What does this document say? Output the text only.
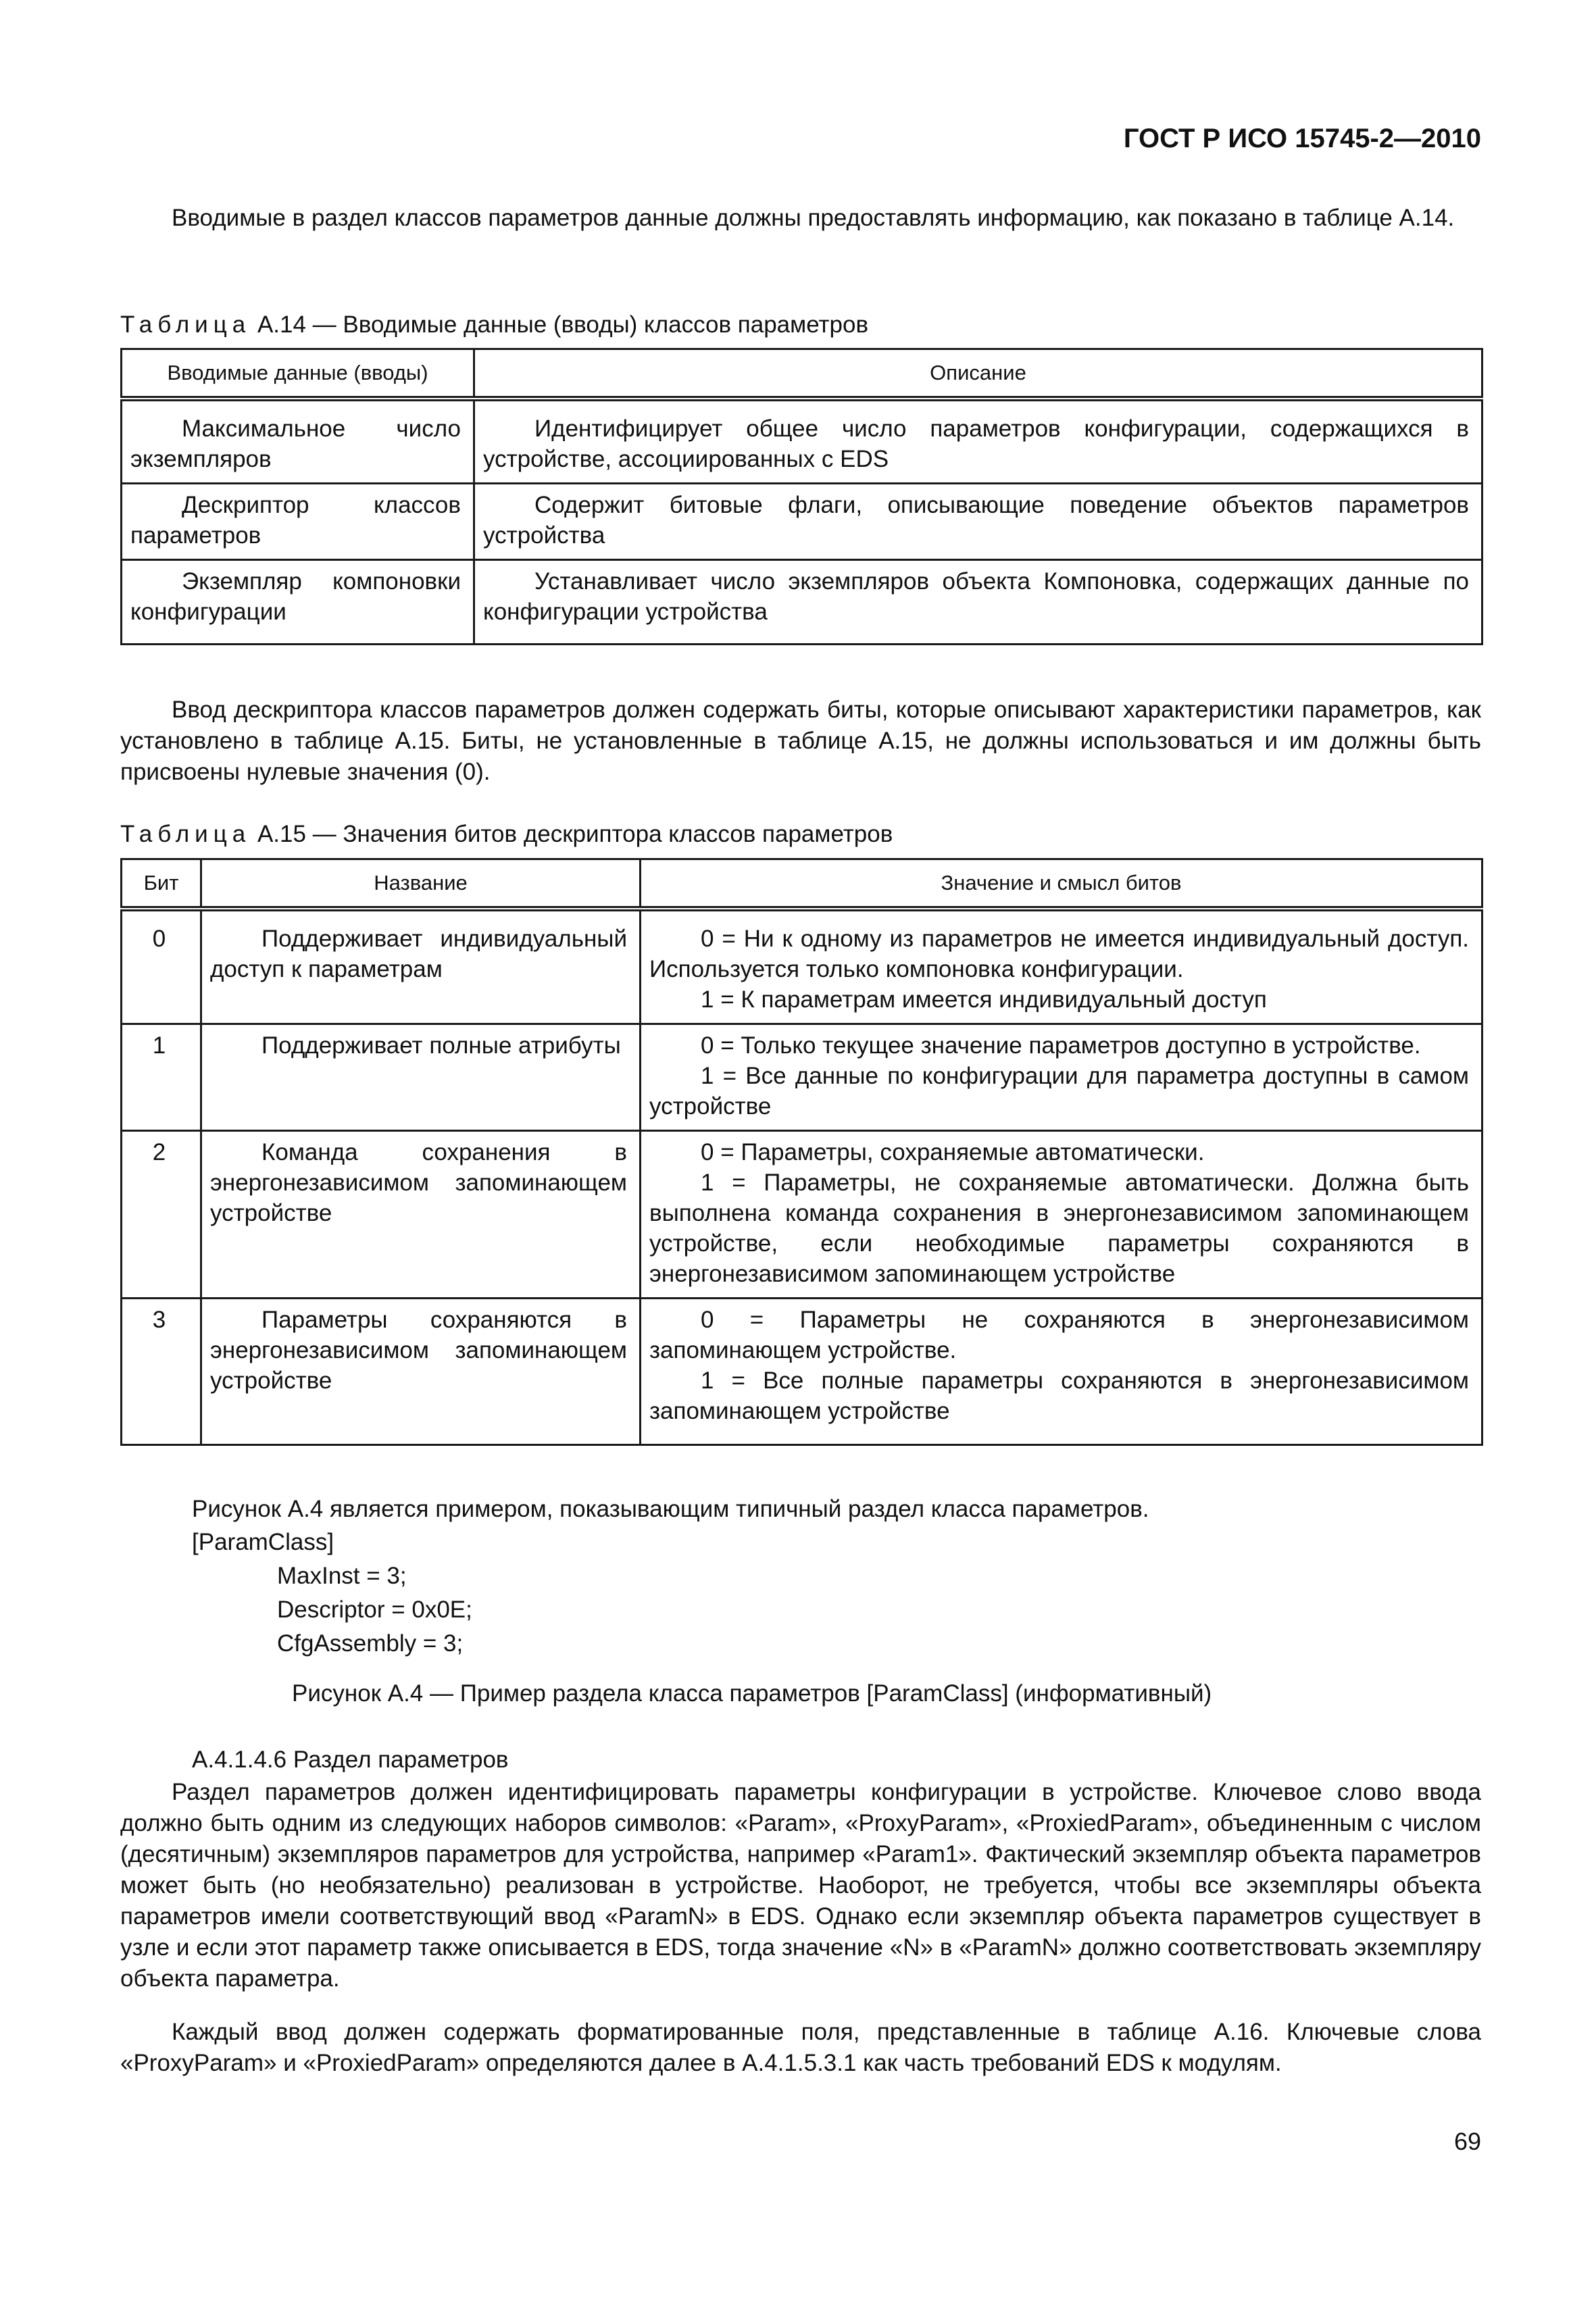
ГОСТ Р ИСО 15745-2—2010

Вводимые в раздел классов параметров данные должны предоставлять информацию, как показано в таблице А.14.

Таблица А.14 — Вводимые данные (вводы) классов параметров
Вводимые данные (вводы)	Описание
Максимальное число экземпляров	Идентифицирует общее число параметров конфигурации, содержащихся в устройстве, ассоциированных с EDS
Дескриптор классов параметров	Содержит битовые флаги, описывающие поведение объектов параметров устройства
Экземпляр компоновки конфигурации	Устанавливает число экземпляров объекта Компоновка, содержащих данные по конфигурации устройства

Ввод дескриптора классов параметров должен содержать биты, которые описывают характеристики параметров, как установлено в таблице А.15. Биты, не установленные в таблице А.15, не должны использоваться и им должны быть присвоены нулевые значения (0).

Таблица А.15 — Значения битов дескриптора классов параметров
Бит	Название	Значение и смысл битов
0	Поддерживает индивидуальный доступ к параметрам	0 = Ни к одному из параметров не имеется индивидуальный доступ. Используется только компоновка конфигурации.

1 = К параметрам имеется индивидуальный доступ

1	Поддерживает полные атрибуты	0 = Только текущее значение параметров доступно в устройстве.

1 = Все данные по конфигурации для параметра доступны в самом устройстве

2	Команда сохранения в энергонезависимом запоминающем устройстве	0 = Параметры, сохраняемые автоматически.

1 = Параметры, не сохраняемые автоматически. Должна быть выполнена команда сохранения в энергонезависимом запоминающем устройстве, если необходимые параметры сохраняются в энергонезависимом запоминающем устройстве

3	Параметры сохраняются в энергонезависимом запоминающем устройстве	0 = Параметры не сохраняются в энергонезависимом запоминающем устройстве.

1 = Все полные параметры сохраняются в энергонезависимом запоминающем устройстве

Рисунок А.4 является примером, показывающим типичный раздел класса параметров.

[ParamClass]
MaxInst = 3;
Descriptor = 0x0E;
CfgAssembly = 3;

Рисунок А.4 — Пример раздела класса параметров [ParamClass] (информативный)

А.4.1.4.6 Раздел параметров

Раздел параметров должен идентифицировать параметры конфигурации в устройстве. Ключевое слово ввода должно быть одним из следующих наборов символов: «Param», «ProxyParam», «ProxiedParam», объединенным с числом (десятичным) экземпляров параметров для устройства, например «Param1». Фактический экземпляр объекта параметров может быть (но необязательно) реализован в устройстве. Наоборот, не требуется, чтобы все экземпляры объекта параметров имели соответствующий ввод «ParamN» в EDS. Однако если экземпляр объекта параметров существует в узле и если этот параметр также описывается в EDS, тогда значение «N» в «ParamN» должно соответствовать экземпляру объекта параметра.

Каждый ввод должен содержать форматированные поля, представленные в таблице А.16. Ключевые слова «ProxyParam» и «ProxiedParam» определяются далее в А.4.1.5.3.1 как часть требований EDS к модулям.

69
